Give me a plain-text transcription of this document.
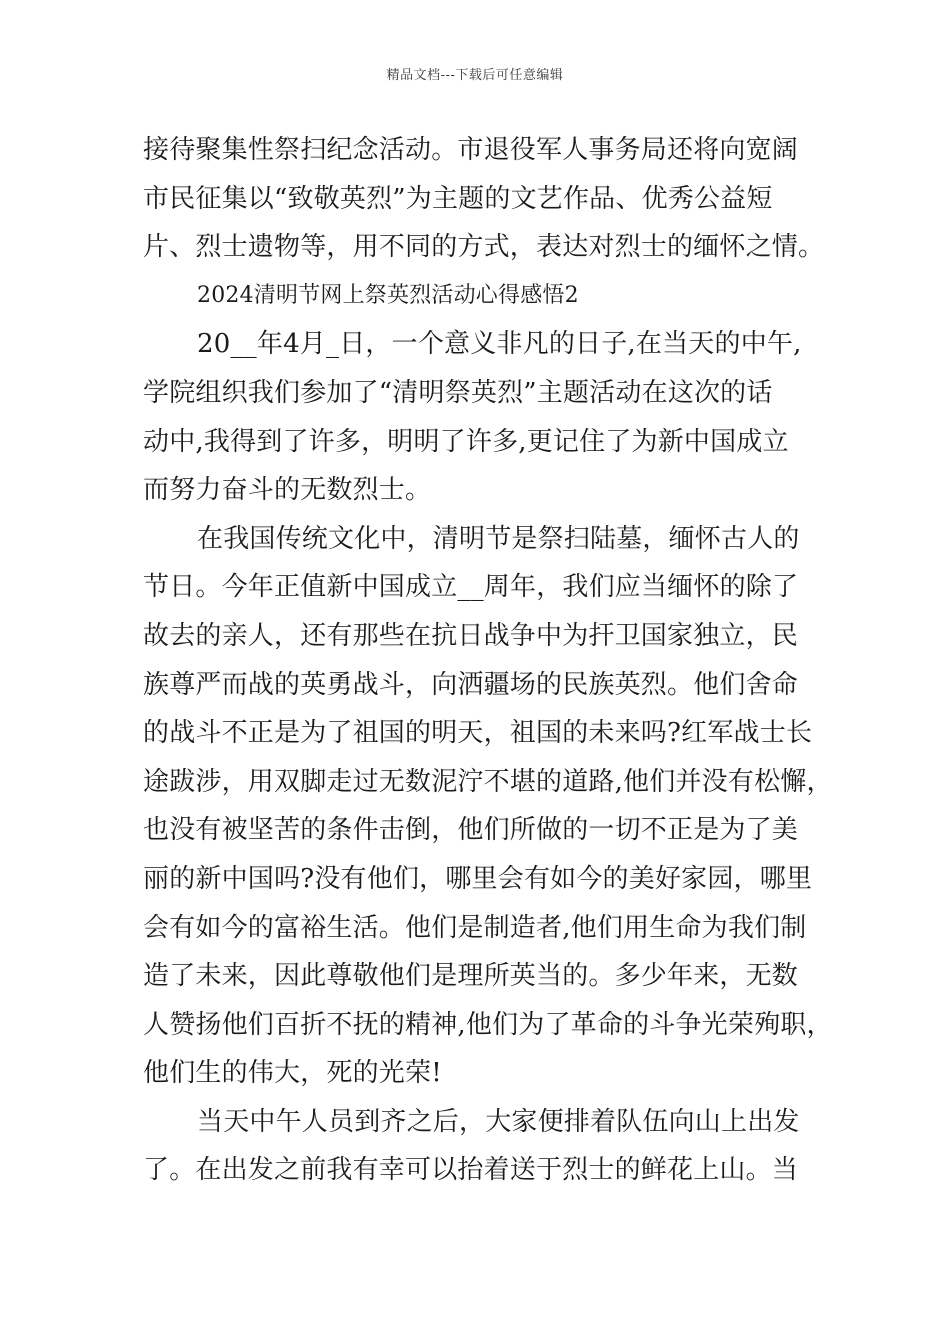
精品文档---下载后可任意编辑
接待聚集性祭扫纪念活动。市退役军人事务局还将向宽阔
市民征集以“致敬英烈”为主题的文艺作品、优秀公益短
片、烈士遗物等，用不同的方式，表达对烈士的缅怀之情。
2024清明节网上祭英烈活动心得感悟2
20__年4月_日，一个意义非凡的日子,在当天的中午,
学院组织我们参加了“清明祭英烈”主题活动在这次的话
动中,我得到了许多，明明了许多,更记住了为新中国成立
而努力奋斗的无数烈士。
在我国传统文化中，清明节是祭扫陆墓，缅怀古人的
节日。今年正值新中国成立__周年，我们应当缅怀的除了
故去的亲人，还有那些在抗日战争中为扞卫国家独立，民
族尊严而战的英勇战斗，向洒疆场的民族英烈。他们舍命
的战斗不正是为了祖国的明天，祖国的未来吗?红军战士长
途跋涉，用双脚走过无数泥泞不堪的道路,他们并没有松懈，
也没有被坚苦的条件击倒，他们所做的一切不正是为了美
丽的新中国吗?没有他们，哪里会有如今的美好家园，哪里
会有如今的富裕生活。他们是制造者,他们用生命为我们制
造了未来，因此尊敬他们是理所英当的。多少年来，无数
人赞扬他们百折不抚的精神,他们为了革命的斗争光荣殉职，
他们生的伟大，死的光荣!
当天中午人员到齐之后，大家便排着队伍向山上出发
了。在出发之前我有幸可以抬着送于烈士的鲜花上山。当
